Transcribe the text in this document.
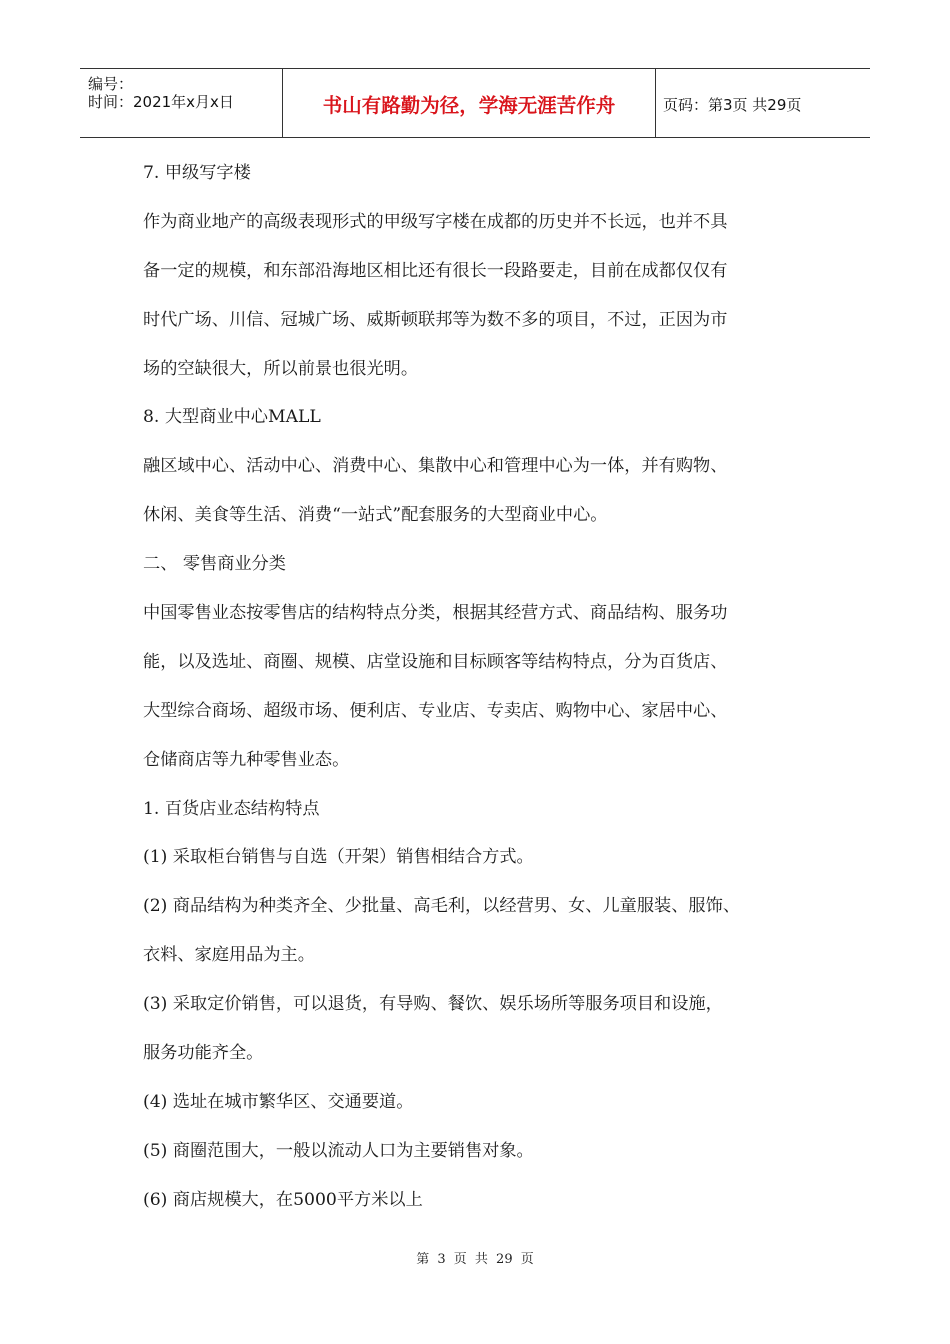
编号：
时间：2021年x月x日	书山有路勤为径，学海无涯苦作舟	页码：第3页 共29页
7. 甲级写字楼
作为商业地产的高级表现形式的甲级写字楼在成都的历史并不长远，也并不具
备一定的规模，和东部沿海地区相比还有很长一段路要走，目前在成都仅仅有
时代广场、川信、冠城广场、威斯顿联邦等为数不多的项目，不过，正因为市
场的空缺很大，所以前景也很光明。
8. 大型商业中心MALL
融区域中心、活动中心、消费中心、集散中心和管理中心为一体，并有购物、
休闲、美食等生活、消费“一站式”配套服务的大型商业中心。
二、 零售商业分类
中国零售业态按零售店的结构特点分类，根据其经营方式、商品结构、服务功
能，以及选址、商圈、规模、店堂设施和目标顾客等结构特点，分为百货店、
大型综合商场、超级市场、便利店、专业店、专卖店、购物中心、家居中心、
仓储商店等九种零售业态。
1. 百货店业态结构特点
(1) 采取柜台销售与自选（开架）销售相结合方式。
(2) 商品结构为种类齐全、少批量、高毛利，以经营男、女、儿童服装、服饰、
衣料、家庭用品为主。
(3) 采取定价销售，可以退货，有导购、餐饮、娱乐场所等服务项目和设施，
服务功能齐全。
(4) 选址在城市繁华区、交通要道。
(5) 商圈范围大，一般以流动人口为主要销售对象。
(6) 商店规模大，在5000平方米以上
第 3 页 共 29 页
